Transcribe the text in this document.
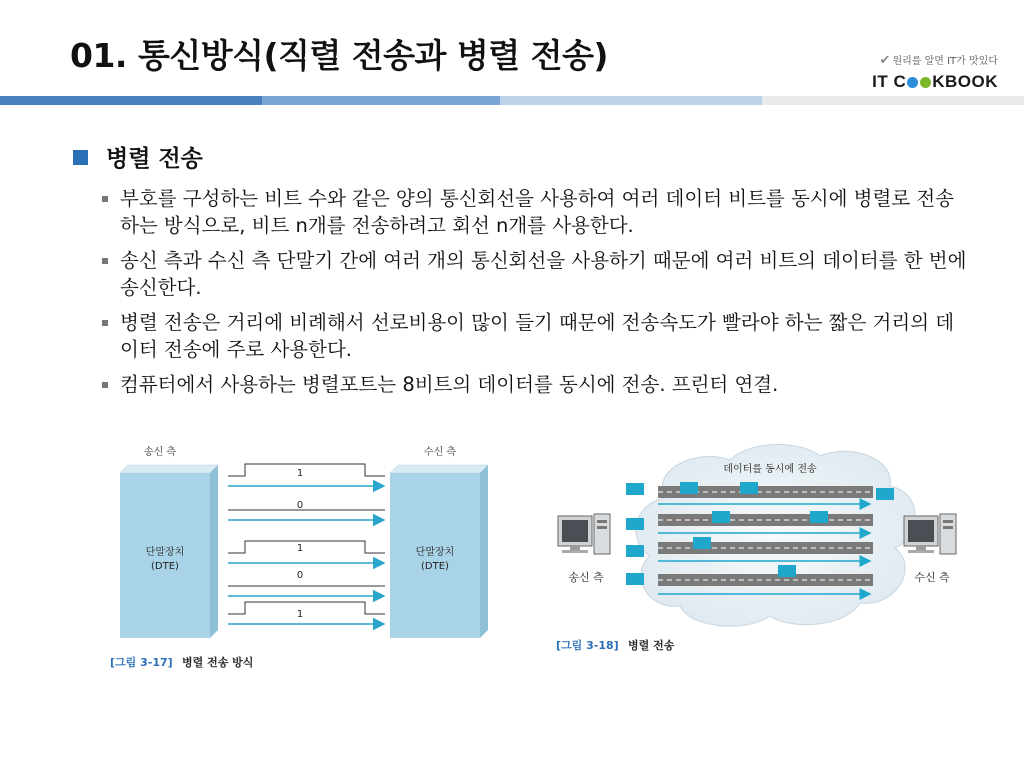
01. 통신방식(직렬 전송과 병렬 전송)	✔ 원리를 알면 IT가 맛있다
IT C KBOOK
병렬 전송
부호를 구성하는 비트 수와 같은 양의 통신회선을 사용하여 여러 데이터 비트를 동시에 병렬로 전송하는 방식으로, 비트 n개를 전송하려고 회선 n개를 사용한다.
송신 측과 수신 측 단말기 간에 여러 개의 통신회선을 사용하기 때문에 여러 비트의 데이터를 한 번에 송신한다.
병렬 전송은 거리에 비례해서 선로비용이 많이 들기 때문에 전송속도가 빨라야 하는 짧은 거리의 데이터 전송에 주로 사용한다.
컴퓨터에서 사용하는 병렬포트는 8비트의 데이터를 동시에 전송. 프린터 연결.
송신 측	수신 측
단말장치
(DTE)
단말장치
(DTE)
1
0
1
0
1
[그림 3-17] 병렬 전송 방식
데이터를 동시에 전송
송신 측	수신 측
[그림 3-18] 병렬 전송
